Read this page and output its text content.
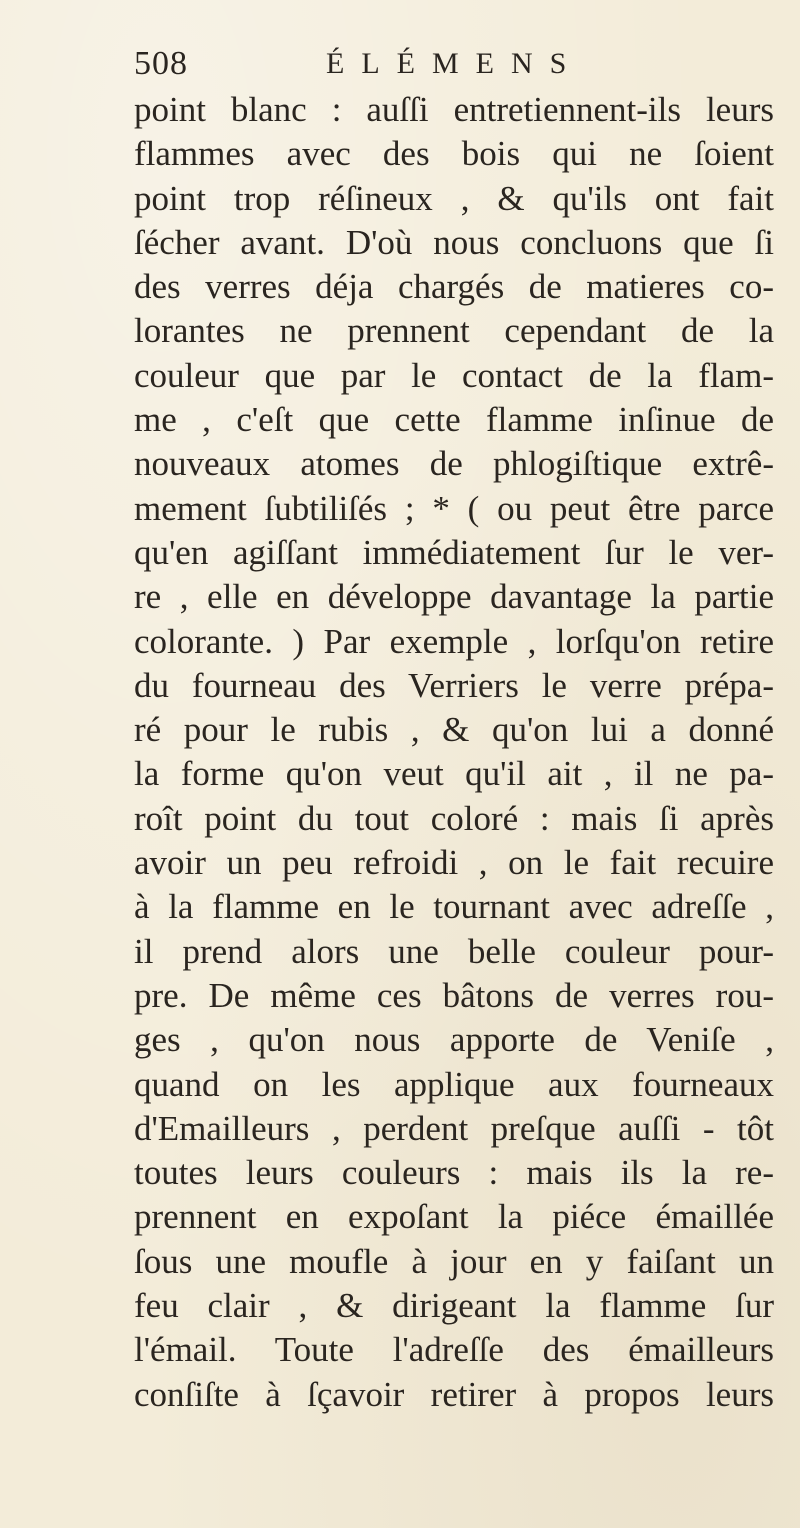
508	ÉLÉMENS
point blanc : auſſi entretiennent-ils leurs
flammes avec des bois qui ne ſoient
point trop réſineux , & qu'ils ont fait
ſécher avant. D'où nous concluons que ſi
des verres déja chargés de matieres co-
lorantes ne prennent cependant de la
couleur que par le contact de la flam-
me , c'eſt que cette flamme inſinue de
nouveaux atomes de phlogiſtique extrê-
mement ſubtiliſés ; * ( ou peut être parce
qu'en agiſſant immédiatement ſur le ver-
re , elle en développe davantage la partie
colorante. ) Par exemple , lorſqu'on retire
du fourneau des Verriers le verre prépa-
ré pour le rubis , & qu'on lui a donné
la forme qu'on veut qu'il ait , il ne pa-
roît point du tout coloré : mais ſi après
avoir un peu refroidi , on le fait recuire
à la flamme en le tournant avec adreſſe ,
il prend alors une belle couleur pour-
pre. De même ces bâtons de verres rou-
ges , qu'on nous apporte de Veniſe ,
quand on les applique aux fourneaux
d'Emailleurs , perdent preſque auſſi - tôt
toutes leurs couleurs : mais ils la re-
prennent en expoſant la piéce émaillée
ſous une moufle à jour en y faiſant un
feu clair , & dirigeant la flamme ſur
l'émail. Toute l'adreſſe des émailleurs
conſiſte à ſçavoir retirer à propos leurs
